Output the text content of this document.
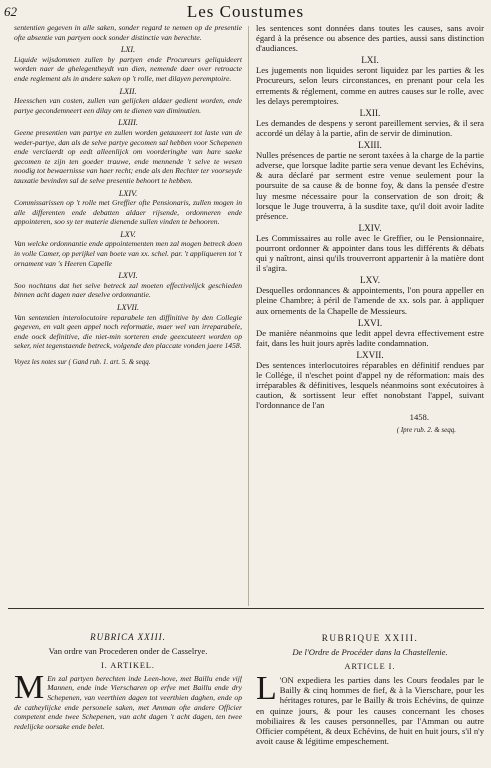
62	Les Coustumes

sententien gegeven in alle saken, sonder regard te nemen op de presentie ofte absentie van partyen oock sonder distinctie van berechte.

LXI.

Liquide wijsdommen zullen by partyen ende Procureurs geliquideert worden naer de ghelegentheydt van dien, nemende daer over retroacte ende reglement als in andere saken op 't rolle, met dilayen peremptoire.

LXII.

Heesschen van costen, zullen van gelijcken aldaer gedient worden, ende partye gecondemneert een dilay om te dienen van diminutien.

LXIII.

Geene presentien van partye en zullen worden getauxeert tot laste van de weder-partye, dan als de selve partye gecomen sal hebben voor Schepenen ende verclaerdt op eedt alleenlijck om voorderinghe van hare saeke gecomen te zijn ten goeder trauwe, ende mennende 't selve te wesen noodig tot bewaernisse van haer recht; ende als den Rechter ter voorseyde tauxatie bevinden sal de selve presentie behoort te hebben.

LXIV.

Commissarissen op 't rolle met Greffier ofte Pensionaris, zullen mogen in alle differenten ende debatten aldaer rijsende, ordonneren ende appointeren, soo sy ter materie dienende sullen vinden te behooren.

LXV.

Van welcke ordonnantie ende appointementen men zal mogen betreck doen in volle Camer, op perijkel van boete van xx. schel. par. 't appliqueren tot 't ornament van 's Heeren Capelle

LXVI.

Soo nochtans dat het selve betreck zal moeten effectivelijck geschieden binnen acht dagen naer deselve ordonnantie.

LXVII.

Van sententien interolocutoire reparabele ten diffinitive by den Collegie gegeven, en valt geen appel noch reformatie, maer wel van irreparabele, ende oock definitive, die niet-min sorteren ende geexcuteert worden op seker, niet tegenstaende betreck, volgende den placcate vonden jaere 1458.

Voyez les notes sur ( Gand rub. 1. art. 5. & seqq.

les sentences sont données dans toutes les causes, sans avoir égard à la présence ou absence des parties, aussi sans distinction d'audiances.

LXI.

Les jugements non liquides seront liquidez par les parties & les Procureurs, selon leurs circonstances, en prenant pour cela les errements & réglement, comme en autres causes sur le rolle, avec les delays peremptoires.

LXII.

Les demandes de despens y seront pareillement servies, & il sera accordé un délay à la partie, afin de servir de diminution.

LXIII.

Nulles présences de partie ne seront taxées à la charge de la partie adverse, que lorsque ladite partie sera venue devant les Echévins, & aura déclaré par serment estre venue seulement pour la poursuite de sa cause & de bonne foy, & dans la pensée d'estre luy mesme nécessaire pour la conservation de son droit; & lorsque le Juge trouverra, à la susdite taxe, qu'il doit avoir ladite présence.

LXIV.

Les Commissaires au rolle avec le Greffier, ou le Pensionnaire, pourront ordonner & appointer dans tous les différents & débats qui y naîtront, ainsi qu'ils trouverront appartenir à la matière dont il s'agira.

LXV.

Desquelles ordonnances & appointements, l'on poura appeller en pleine Chambre; à péril de l'amende de xx. sols par. à appliquer aux ornements de la Chapelle de Messieurs.

LXVI.

De manière néanmoins que ledit appel devra effectivement estre fait, dans les huit jours après ladite condamnation.

LXVII.

Des sentences interlocutoires réparables en définitif rendues par le Collége, il n'eschet point d'appel ny de réformation: mais des irréparables & définitives, lesquels néanmoins sont exécutoires à caution, & sortissent leur effet nonobstant l'appel, suivant l'ordonnance de l'an

1458.
( Ipre rub. 2. & seqq.
RUBRICA XXIII.
Van ordre van Procederen onder de Casselrye.
I. ARTIKEL.

M En zal partyen berechten inde Leen-hove, met Baillu ende vijf Mannen, ende inde Vierscharen op erfve met Baillu ende dry Schepenen, van veerthien dagen tot veerthien daghen, ende op de catheylijcke ende personele saken, met Amman ofte andere Officier competent ende twee Schepenen, van acht dagen 't acht dagen, ten twee redelijcke oorsake ende belet.

RUBRIQUE XXIII.
De l'Ordre de Procéder dans la Chastellenie.
ARTICLE I.

L 'ON expediera les parties dans les Cours feodales par le Bailly & cinq hommes de fief, & à la Vierschare, pour les héritages rotures, par le Bailly & trois Echévins, de quinze en quinze jours, & pour les causes concernant les choses mobiliaires & les causes personnelles, par l'Amman ou autre Officier compétent, & deux Echévins, de huit en huit jours, s'il n'y avoit cause & légitime empeschement.
